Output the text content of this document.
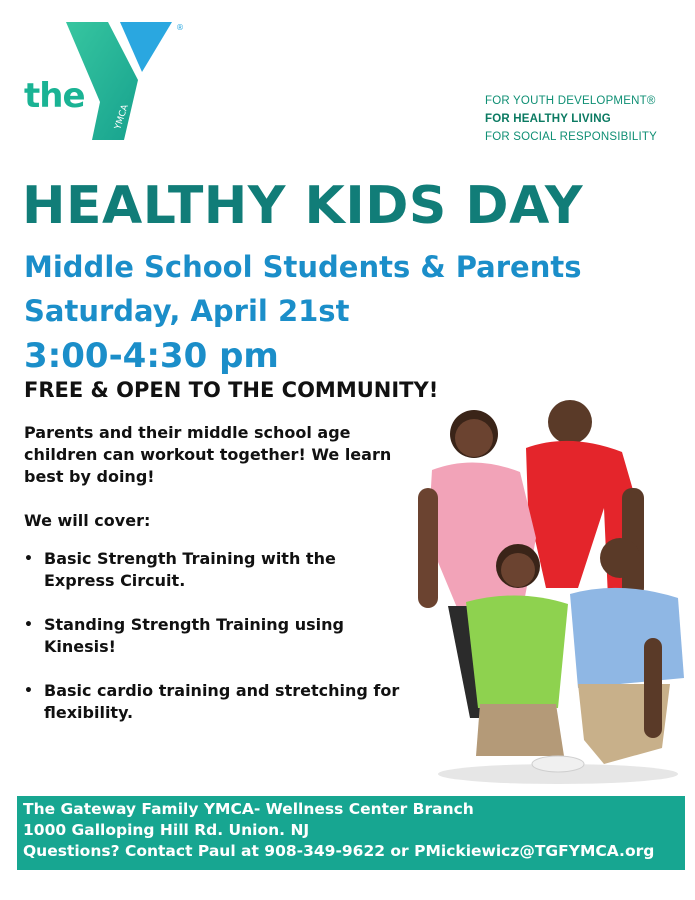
YMCA
®
the	FOR YOUTH DEVELOPMENT®
FOR HEALTHY LIVING
FOR SOCIAL RESPONSIBILITY
HEALTHY KIDS DAY
Middle School Students & Parents
Saturday, April 21st
3:00-4:30 pm
FREE & OPEN TO THE COMMUNITY!
Parents and their middle school age children can workout together! We learn best by doing!
We will cover:
• Basic Strength Training with the Express Circuit.
• Standing Strength Training using Kinesis!
• Basic cardio training and stretching for flexibility.
The Gateway Family YMCA- Wellness Center Branch
1000 Galloping Hill Rd. Union. NJ
Questions? Contact Paul at 908-349-9622 or PMickiewicz@TGFYMCA.org
